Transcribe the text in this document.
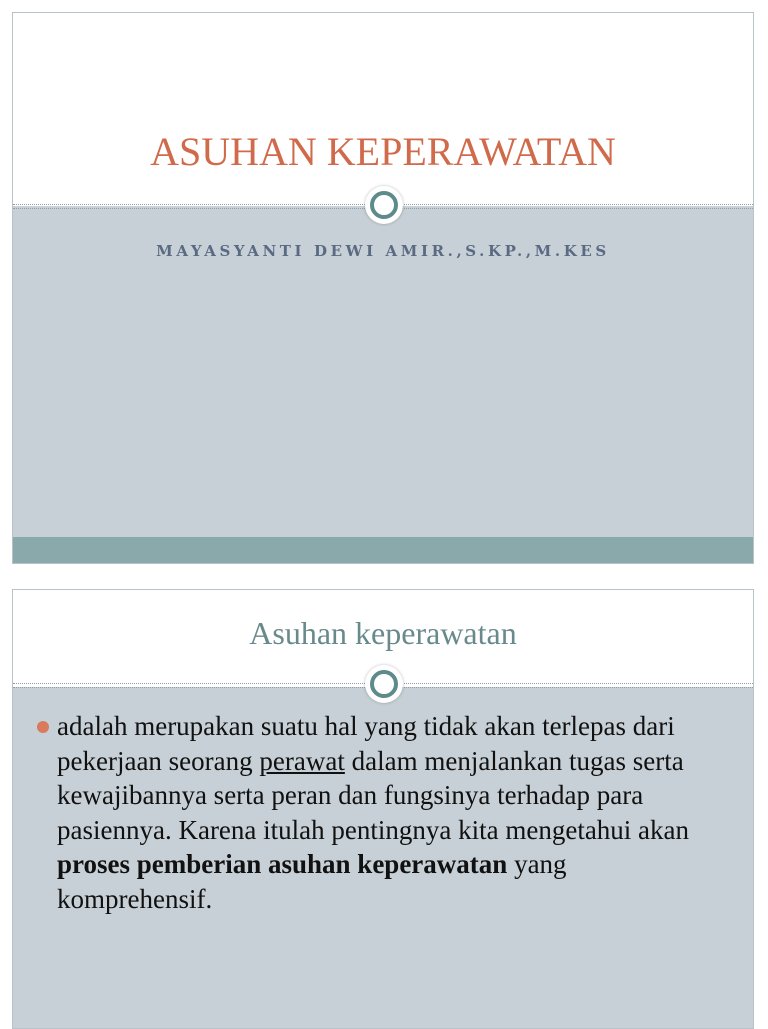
ASUHAN KEPERAWATAN
MAYASYANTI DEWI AMIR.,S.KP.,M.KES
Asuhan keperawatan

adalah merupakan suatu hal yang tidak akan terlepas dari pekerjaan seorang perawat dalam menjalankan tugas serta kewajibannya serta peran dan fungsinya terhadap para pasiennya. Karena itulah pentingnya kita mengetahui akan proses pemberian asuhan keperawatan yang komprehensif.
